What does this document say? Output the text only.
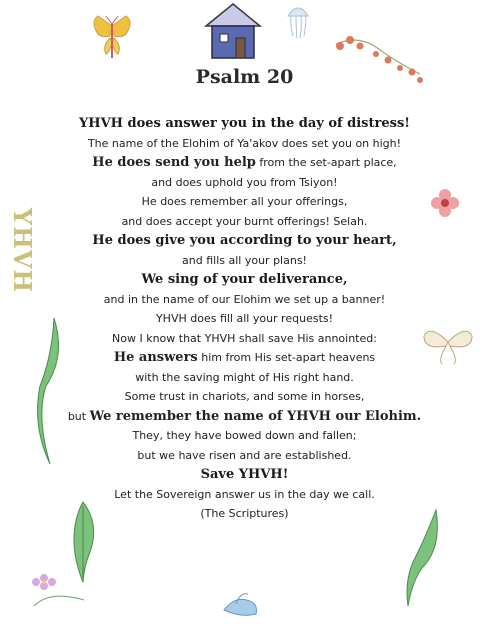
YHVH
Psalm 20
YHVH does answer you in the day of distress!
The name of the Elohim of Ya'akov does set you on high!
He does send you help from the set-apart place,
and does uphold you from Tsiyon!
He does remember all your offerings,
and does accept your burnt offerings! Selah.
He does give you according to your heart,
and fills all your plans!
We sing of your deliverance,
and in the name of our Elohim we set up a banner!
YHVH does fill all your requests!
Now I know that YHVH shall save His annointed:
He answers him from His set-apart heavens
with the saving might of His right hand.
Some trust in chariots, and some in horses,
but We remember the name of YHVH our Elohim.
They, they have bowed down and fallen;
but we have risen and are established.
Save YHVH!
Let the Sovereign answer us in the day we call.
(The Scriptures)
